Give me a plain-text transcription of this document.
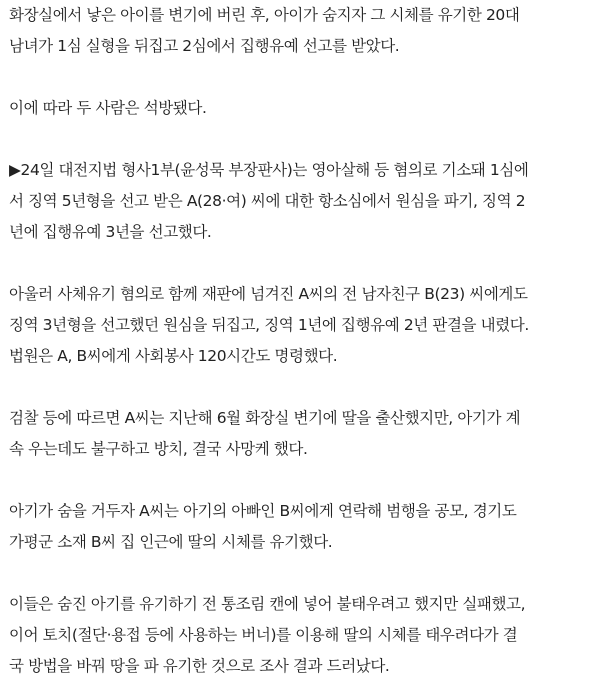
화장실에서 낳은 아이를 변기에 버린 후, 아이가 숨지자 그 시체를 유기한 20대
남녀가 1심 실형을 뒤집고 2심에서 집행유예 선고를 받았다.
이에 따라 두 사람은 석방됐다.
▶24일 대전지법 형사1부(윤성묵 부장판사)는 영아살해 등 혐의로 기소돼 1심에
서 징역 5년형을 선고 받은 A(28·여) 씨에 대한 항소심에서 원심을 파기, 징역 2
년에 집행유예 3년을 선고했다.
아울러 사체유기 혐의로 함께 재판에 넘겨진 A씨의 전 남자친구 B(23) 씨에게도
징역 3년형을 선고했던 원심을 뒤집고, 징역 1년에 집행유예 2년 판결을 내렸다.
법원은 A, B씨에게 사회봉사 120시간도 명령했다.
검찰 등에 따르면 A씨는 지난해 6월 화장실 변기에 딸을 출산했지만, 아기가 계
속 우는데도 불구하고 방치, 결국 사망케 했다.
아기가 숨을 거두자 A씨는 아기의 아빠인 B씨에게 연락해 범행을 공모, 경기도
가평군 소재 B씨 집 인근에 딸의 시체를 유기했다.
이들은 숨진 아기를 유기하기 전 통조림 캔에 넣어 불태우려고 했지만 실패했고,
이어 토치(절단·용접 등에 사용하는 버너)를 이용해 딸의 시체를 태우려다가 결
국 방법을 바꿔 땅을 파 유기한 것으로 조사 결과 드러났다.
